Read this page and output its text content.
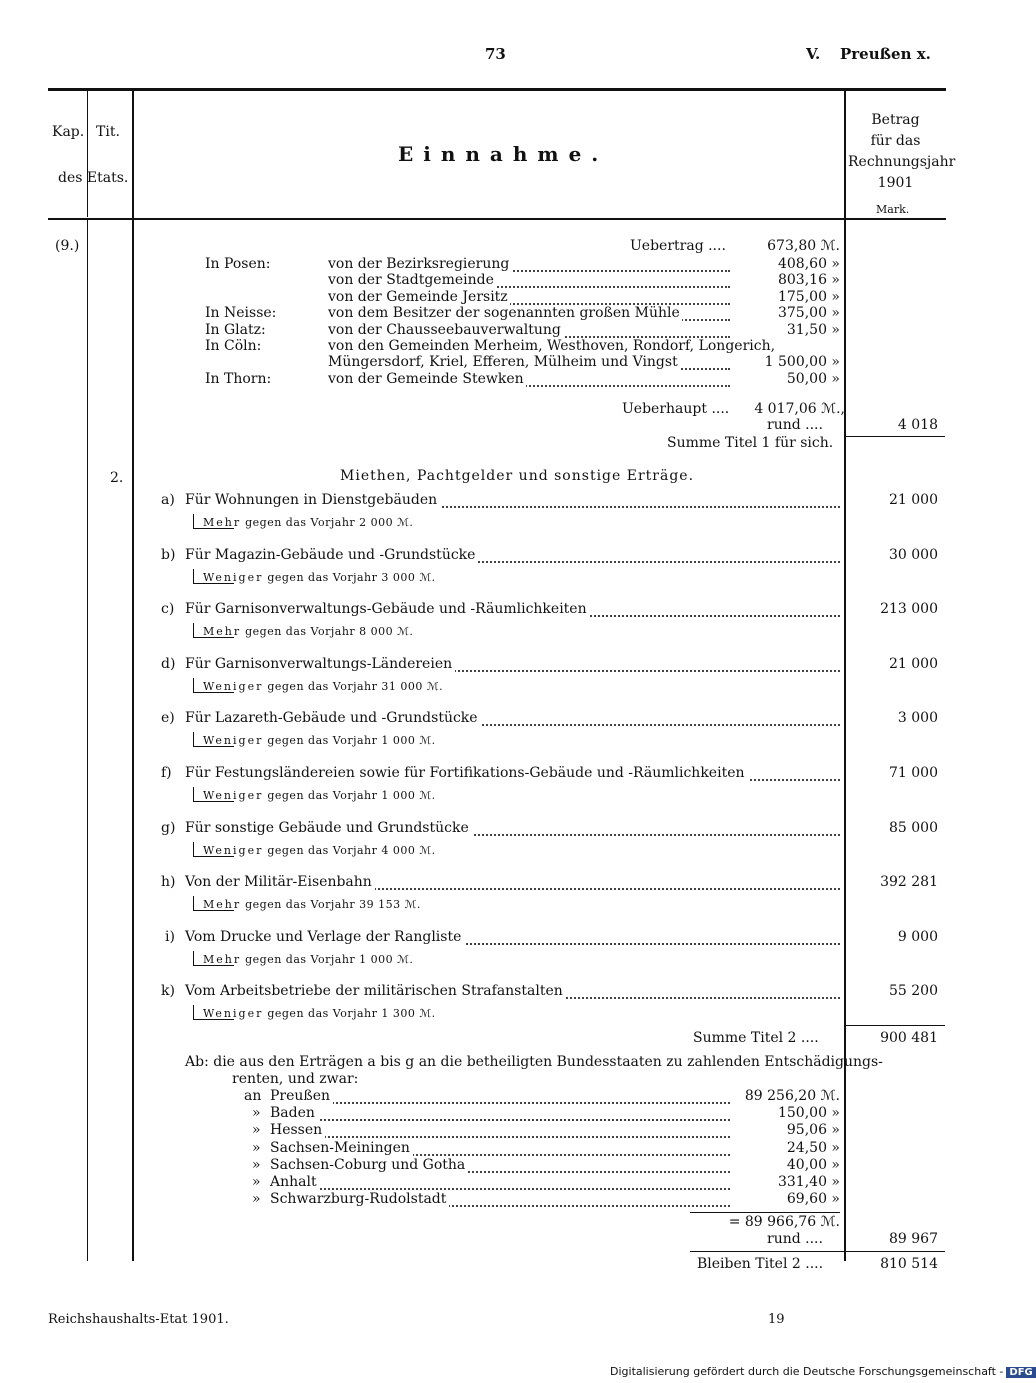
73	V. Preußen x.
Kap. Tit.
des Etats.
Einnahme.
Betrag
für das
Rechnungsjahr
1901
Mark.
(9.)	Uebertrag ....	673,80 ℳ.
In Posen:	von der Bezirksregierung	408,60 »
von der Stadtgemeinde	803,16 »
von der Gemeinde Jersitz	175,00 »
In Neisse:	von dem Besitzer der sogenannten großen Mühle	375,00 »
In Glatz:	von der Chausseebauverwaltung	31,50 »
In Cöln:	von den Gemeinden Merheim, Westhoven, Rondorf, Longerich,
Müngersdorf, Kriel, Efferen, Mülheim und Vingst	1 500,00 »
In Thorn:	von der Gemeinde Stewken	50,00 »
Ueberhaupt .... 4 017,06 ℳ.,
rund ....	4 018
Summe Titel 1 für sich.
2.	Miethen, Pachtgelder und sonstige Erträge.
a) Für Wohnungen in Dienstgebäuden	21 000
Mehr gegen das Vorjahr 2 000 ℳ.
b) Für Magazin-Gebäude und -Grundstücke	30 000
Weniger gegen das Vorjahr 3 000 ℳ.
c) Für Garnisonverwaltungs-Gebäude und -Räumlichkeiten	213 000
Mehr gegen das Vorjahr 8 000 ℳ.
d) Für Garnisonverwaltungs-Ländereien	21 000
Weniger gegen das Vorjahr 31 000 ℳ.
e) Für Lazareth-Gebäude und -Grundstücke	3 000
Weniger gegen das Vorjahr 1 000 ℳ.
f) Für Festungsländereien sowie für Fortifikations-Gebäude und -Räumlichkeiten	71 000
Weniger gegen das Vorjahr 1 000 ℳ.
g) Für sonstige Gebäude und Grundstücke	85 000
Weniger gegen das Vorjahr 4 000 ℳ.
h) Von der Militär-Eisenbahn	392 281
Mehr gegen das Vorjahr 39 153 ℳ.
i) Vom Drucke und Verlage der Rangliste	9 000
Mehr gegen das Vorjahr 1 000 ℳ.
k) Vom Arbeitsbetriebe der militärischen Strafanstalten	55 200
Weniger gegen das Vorjahr 1 300 ℳ.
Summe Titel 2 ....	900 481
Ab: die aus den Erträgen a bis g an die betheiligten Bundesstaaten zu zahlenden Entschädigungs-
renten, und zwar:
an Preußen	89 256,20 ℳ.
» Baden	150,00 »
» Hessen	95,06 »
» Sachsen-Meiningen	24,50 »
» Sachsen-Coburg und Gotha	40,00 »
» Anhalt	331,40 »
» Schwarzburg-Rudolstadt	69,60 »
= 89 966,76 ℳ.
rund ....	89 967
Bleiben Titel 2 ....	810 514
Reichshaushalts-Etat 1901.	19
Digitalisierung gefördert durch die Deutsche Forschungsgemeinschaft - DFG
